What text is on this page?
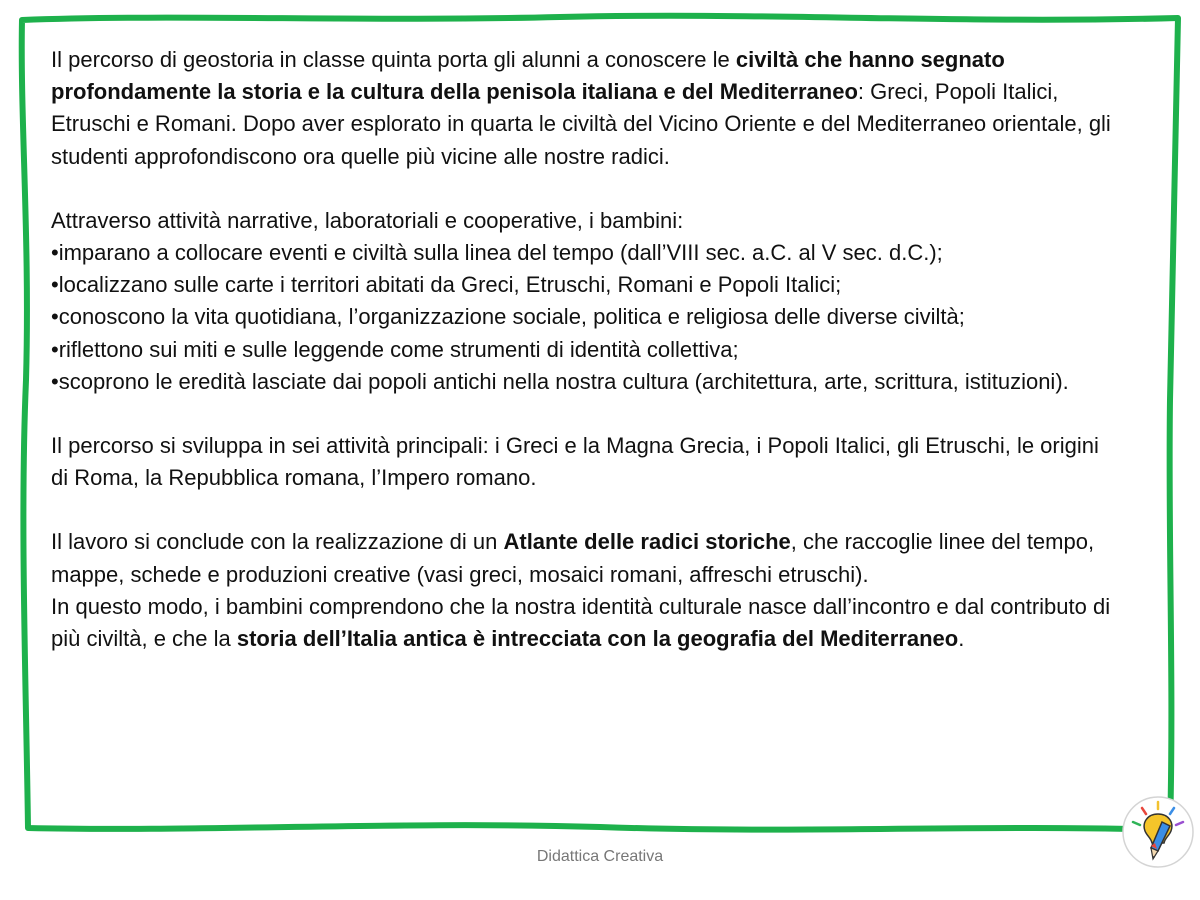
Il percorso di geostoria in classe quinta porta gli alunni a conoscere le civiltà che hanno segnato profondamente la storia e la cultura della penisola italiana e del Mediterraneo: Greci, Popoli Italici, Etruschi e Romani. Dopo aver esplorato in quarta le civiltà del Vicino Oriente e del Mediterraneo orientale, gli studenti approfondiscono ora quelle più vicine alle nostre radici.

Attraverso attività narrative, laboratoriali e cooperative, i bambini:
•imparano a collocare eventi e civiltà sulla linea del tempo (dall’VIII sec. a.C. al V sec. d.C.);
•localizzano sulle carte i territori abitati da Greci, Etruschi, Romani e Popoli Italici;
•conoscono la vita quotidiana, l’organizzazione sociale, politica e religiosa delle diverse civiltà;
•riflettono sui miti e sulle leggende come strumenti di identità collettiva;
•scoprono le eredità lasciate dai popoli antichi nella nostra cultura (architettura, arte, scrittura, istituzioni).

Il percorso si sviluppa in sei attività principali: i Greci e la Magna Grecia, i Popoli Italici, gli Etruschi, le origini di Roma, la Repubblica romana, l’Impero romano.

Il lavoro si conclude con la realizzazione di un Atlante delle radici storiche, che raccoglie linee del tempo, mappe, schede e produzioni creative (vasi greci, mosaici romani, affreschi etruschi).

In questo modo, i bambini comprendono che la nostra identità culturale nasce dall’incontro e dal contributo di più civiltà, e che la storia dell’Italia antica è intrecciata con la geografia del Mediterraneo.

Didattica Creativa
